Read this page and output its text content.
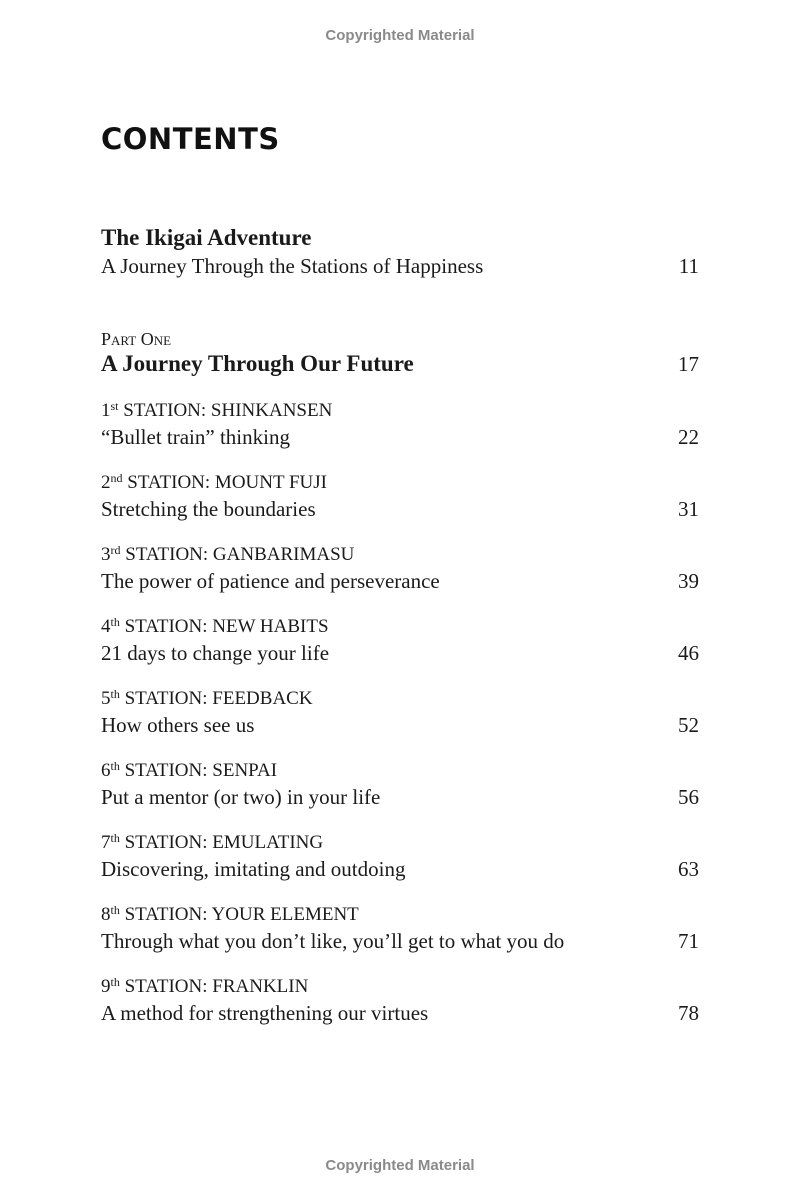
Copyrighted Material
CONTENTS
The Ikigai Adventure
A Journey Through the Stations of Happiness	11
Part One
A Journey Through Our Future	17
1st STATION: SHINKANSEN
“Bullet train” thinking	22
2nd STATION: MOUNT FUJI
Stretching the boundaries	31
3rd STATION: GANBARIMASU
The power of patience and perseverance	39
4th STATION: NEW HABITS
21 days to change your life	46
5th STATION: FEEDBACK
How others see us	52
6th STATION: SENPAI
Put a mentor (or two) in your life	56
7th STATION: EMULATING
Discovering, imitating and outdoing	63
8th STATION: YOUR ELEMENT
Through what you don’t like, you’ll get to what you do	71
9th STATION: FRANKLIN
A method for strengthening our virtues	78
Copyrighted Material
